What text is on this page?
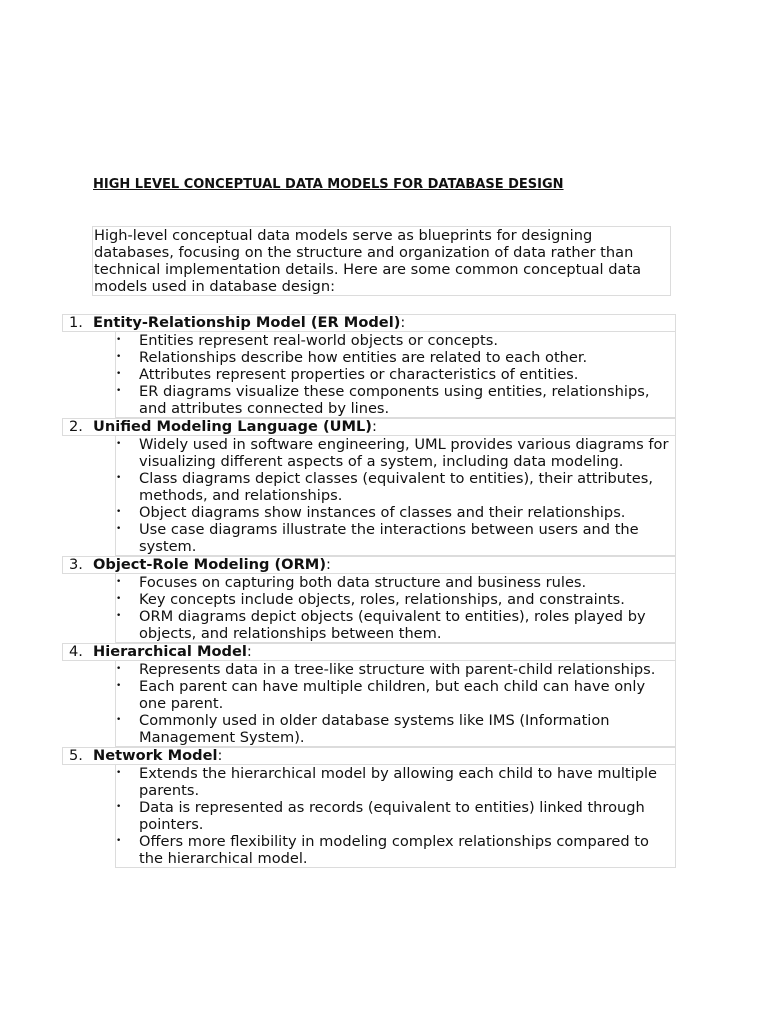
HIGH LEVEL CONCEPTUAL DATA MODELS FOR DATABASE DESIGN

High-level conceptual data models serve as blueprints for designing databases, focusing on the structure and organization of data rather than technical implementation details. Here are some common conceptual data models used in database design:

1. Entity-Relationship Model (ER Model):
• Entities represent real-world objects or concepts.
• Relationships describe how entities are related to each other.
• Attributes represent properties or characteristics of entities.
• ER diagrams visualize these components using entities, relationships, and attributes connected by lines.
2. Unified Modeling Language (UML):
• Widely used in software engineering, UML provides various diagrams for visualizing different aspects of a system, including data modeling.
• Class diagrams depict classes (equivalent to entities), their attributes, methods, and relationships.
• Object diagrams show instances of classes and their relationships.
• Use case diagrams illustrate the interactions between users and the system.
3. Object-Role Modeling (ORM):
• Focuses on capturing both data structure and business rules.
• Key concepts include objects, roles, relationships, and constraints.
• ORM diagrams depict objects (equivalent to entities), roles played by objects, and relationships between them.
4. Hierarchical Model:
• Represents data in a tree-like structure with parent-child relationships.
• Each parent can have multiple children, but each child can have only one parent.
• Commonly used in older database systems like IMS (Information Management System).
5. Network Model:
• Extends the hierarchical model by allowing each child to have multiple parents.
• Data is represented as records (equivalent to entities) linked through pointers.
• Offers more flexibility in modeling complex relationships compared to the hierarchical model.
